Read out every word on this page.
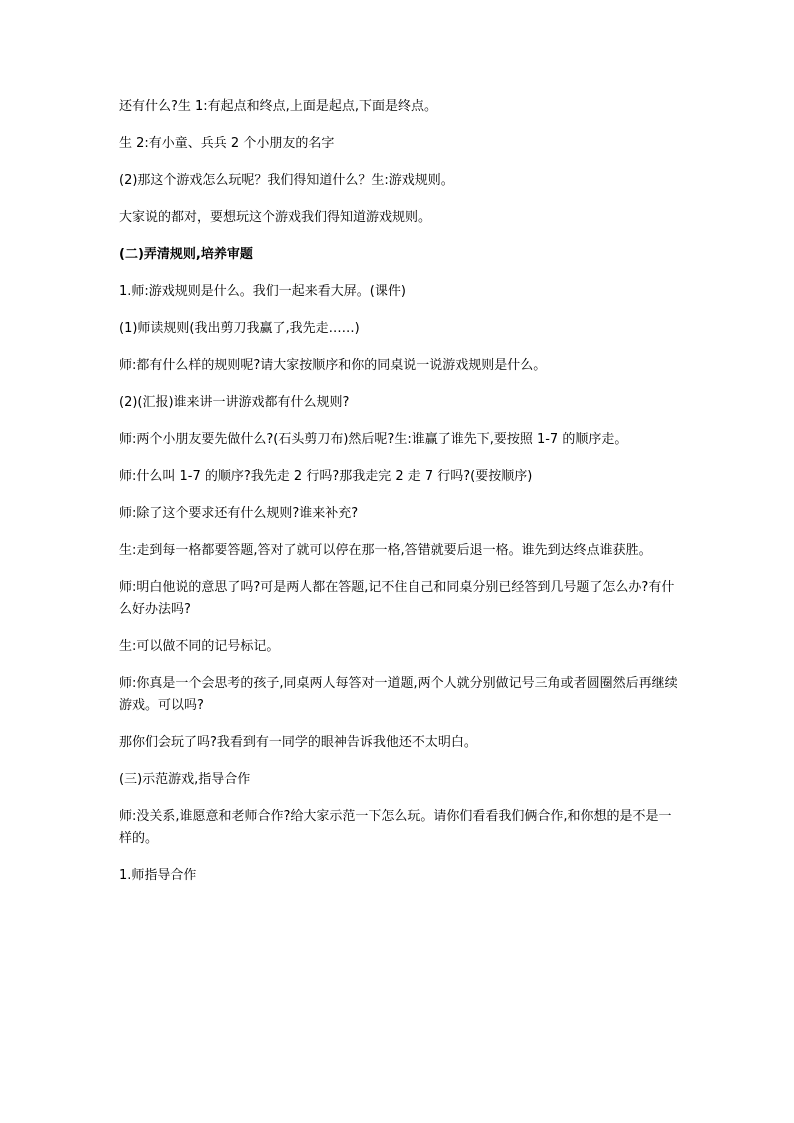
还有什么?生 1:有起点和终点,上面是起点,下面是终点。

生 2:有小童、兵兵 2 个小朋友的名字

(2)那这个游戏怎么玩呢？我们得知道什么？生:游戏规则。

大家说的都对，要想玩这个游戏我们得知道游戏规则。

(二)弄清规则,培养审题

1.师:游戏规则是什么。我们一起来看大屏。(课件)

(1)师读规则(我出剪刀我赢了,我先走……)

师:都有什么样的规则呢?请大家按顺序和你的同桌说一说游戏规则是什么。

(2)(汇报)谁来讲一讲游戏都有什么规则?

师:两个小朋友要先做什么?(石头剪刀布)然后呢?生:谁赢了谁先下,要按照 1-7 的顺序走。

师:什么叫 1-7 的顺序?我先走 2 行吗?那我走完 2 走 7 行吗?(要按顺序)

师:除了这个要求还有什么规则?谁来补充?

生:走到每一格都要答题,答对了就可以停在那一格,答错就要后退一格。谁先到达终点谁获胜。

师:明白他说的意思了吗?可是两人都在答题,记不住自己和同桌分别已经答到几号题了怎么办?有什么好办法吗?

生:可以做不同的记号标记。

师:你真是一个会思考的孩子,同桌两人每答对一道题,两个人就分别做记号三角或者圆圈然后再继续游戏。可以吗?

那你们会玩了吗?我看到有一同学的眼神告诉我他还不太明白。

(三)示范游戏,指导合作

师:没关系,谁愿意和老师合作?给大家示范一下怎么玩。请你们看看我们俩合作,和你想的是不是一样的。

1.师指导合作
